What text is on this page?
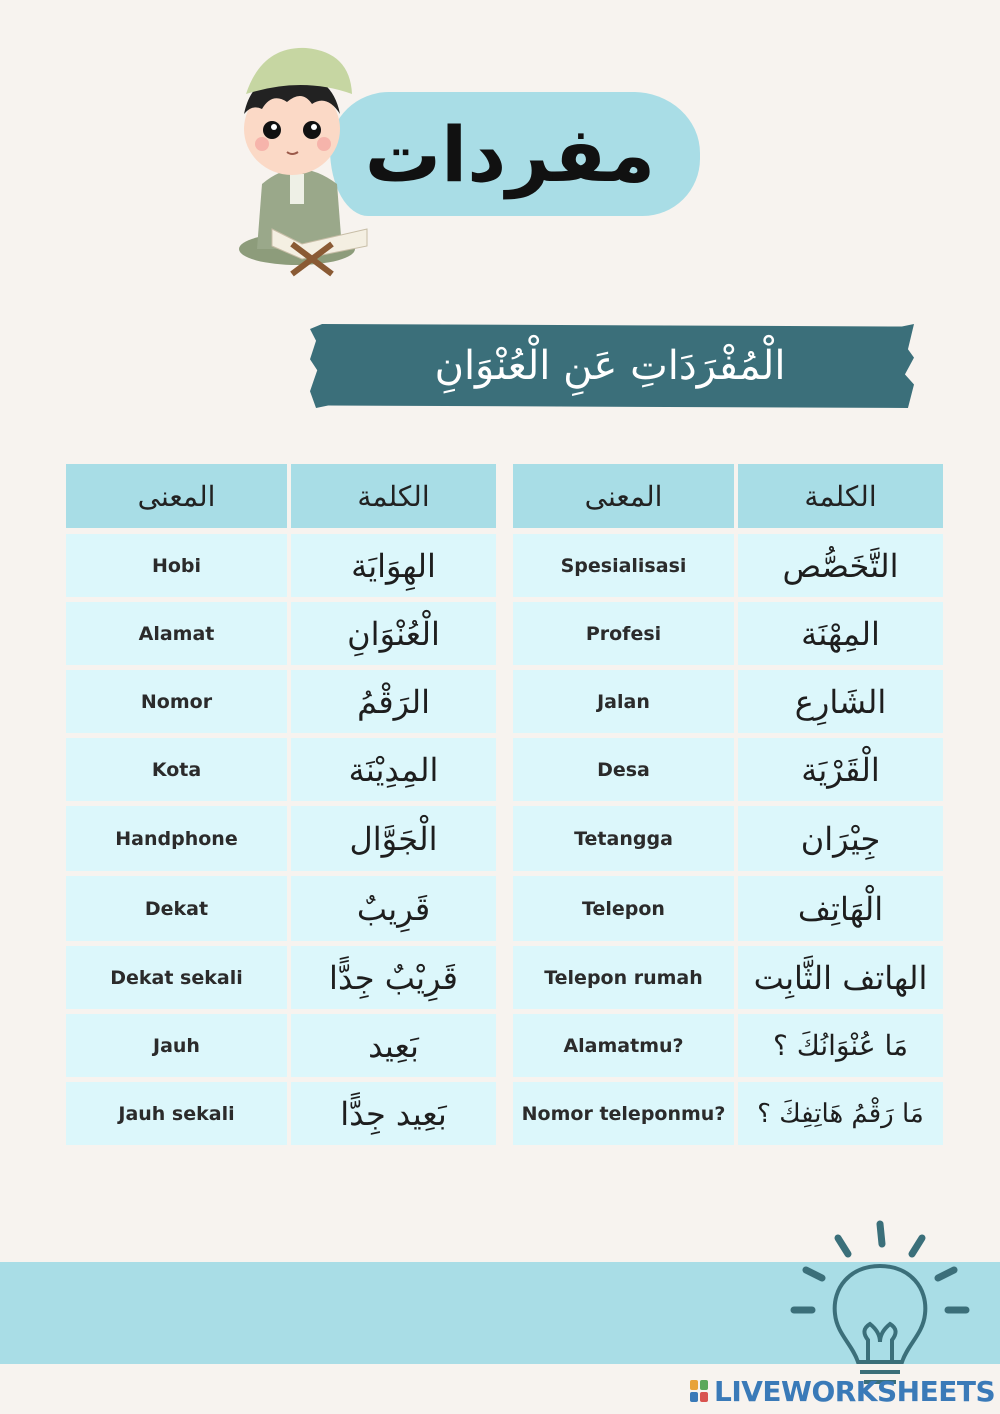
مفردات
الْمُفْرَدَاتِ عَنِ الْعُنْوَانِ
المعنى	الكلمة
Hobi	الهِوَايَة
Alamat	الْعُنْوَانِ
Nomor	الرَقْمُ
Kota	المِدِيْنَة
Handphone	الْجَوَّال
Dekat	قَرِيبٌ
Dekat sekali	قَرِيْبٌ جِدًّا
Jauh	بَعِيد
Jauh sekali	بَعِيد جِدًّا
المعنى	الكلمة
Spesialisasi	التَّخَصُّص
Profesi	المِهْنَة
Jalan	الشَارِع
Desa	الْقَرْيَة
Tetangga	جِيْرَان
Telepon	الْهَاتِف
Telepon rumah	الهاتف الثَّابِت
Alamatmu?	مَا عُنْوَانُكَ ؟
Nomor teleponmu?	مَا رَقْمُ هَاتِفِكَ ؟
LIVEWORKSHEETS
